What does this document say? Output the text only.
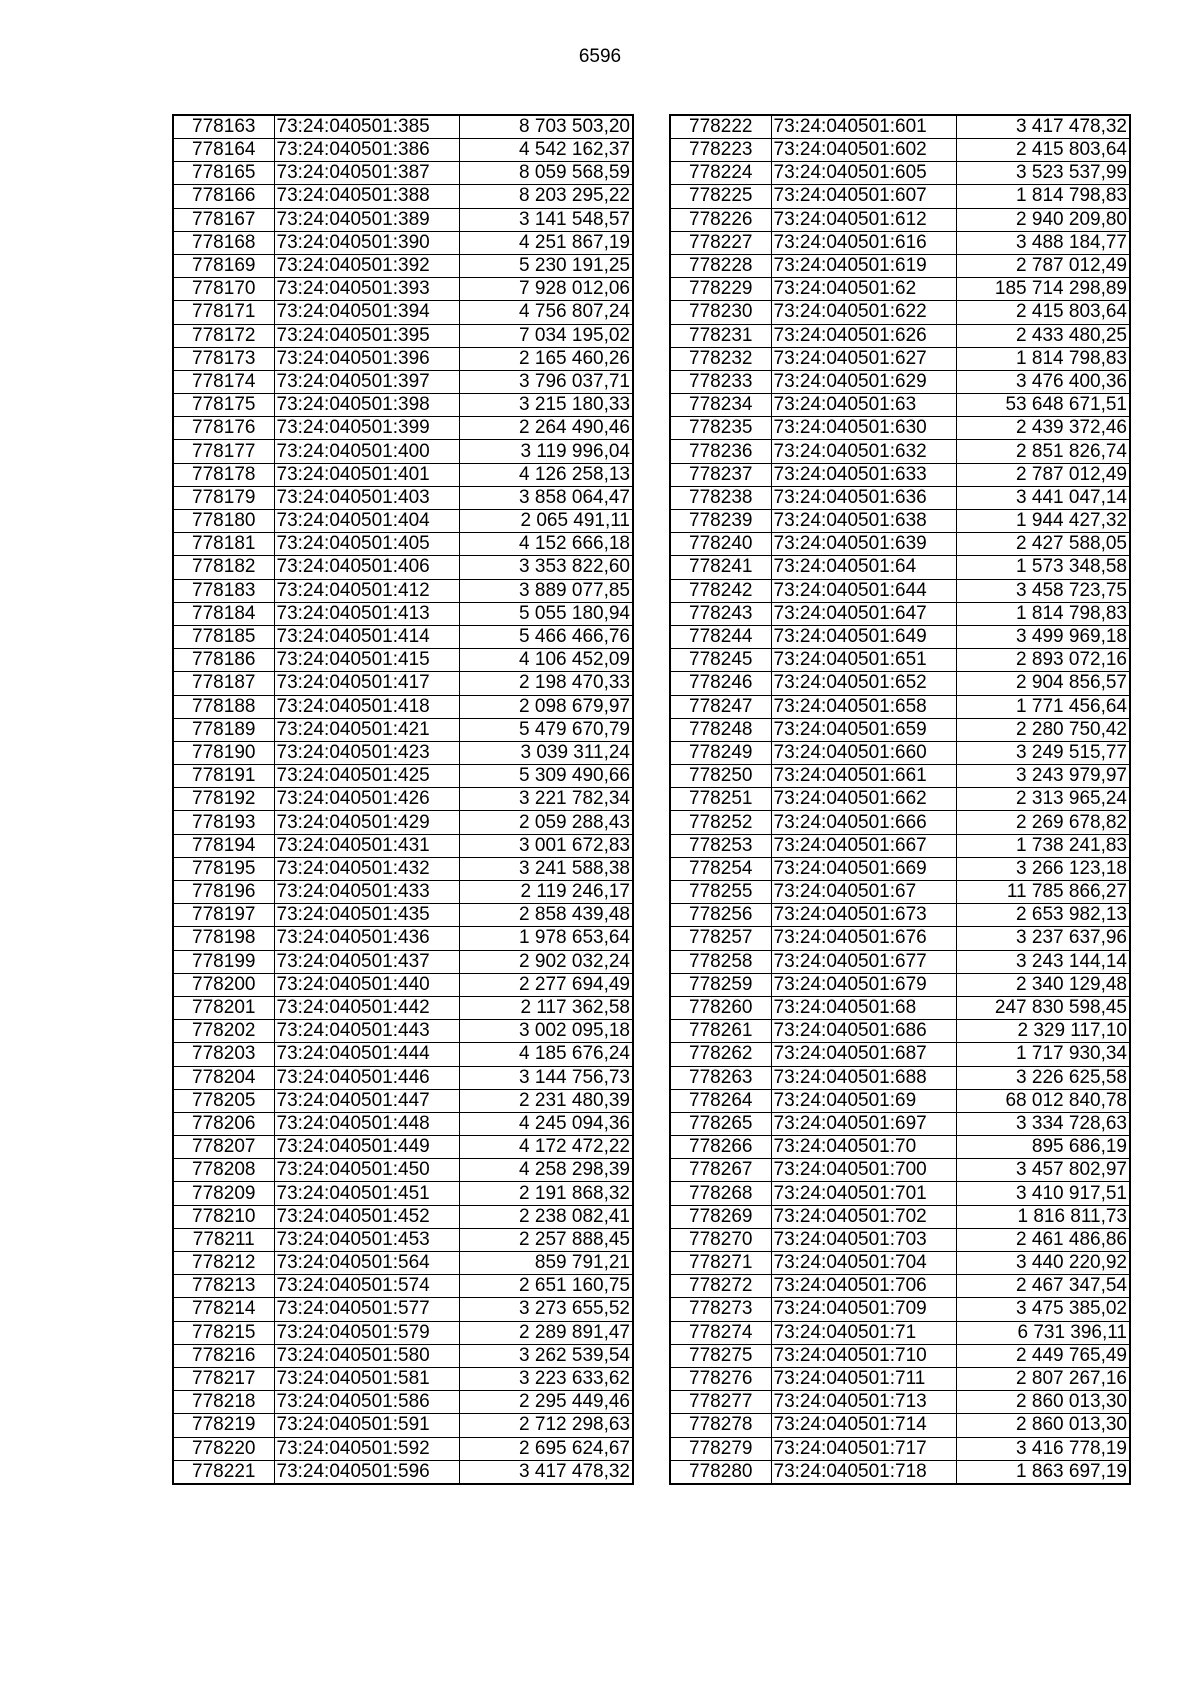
6596
778163	73:24:040501:385	8 703 503,20
778164	73:24:040501:386	4 542 162,37
778165	73:24:040501:387	8 059 568,59
778166	73:24:040501:388	8 203 295,22
778167	73:24:040501:389	3 141 548,57
778168	73:24:040501:390	4 251 867,19
778169	73:24:040501:392	5 230 191,25
778170	73:24:040501:393	7 928 012,06
778171	73:24:040501:394	4 756 807,24
778172	73:24:040501:395	7 034 195,02
778173	73:24:040501:396	2 165 460,26
778174	73:24:040501:397	3 796 037,71
778175	73:24:040501:398	3 215 180,33
778176	73:24:040501:399	2 264 490,46
778177	73:24:040501:400	3 119 996,04
778178	73:24:040501:401	4 126 258,13
778179	73:24:040501:403	3 858 064,47
778180	73:24:040501:404	2 065 491,11
778181	73:24:040501:405	4 152 666,18
778182	73:24:040501:406	3 353 822,60
778183	73:24:040501:412	3 889 077,85
778184	73:24:040501:413	5 055 180,94
778185	73:24:040501:414	5 466 466,76
778186	73:24:040501:415	4 106 452,09
778187	73:24:040501:417	2 198 470,33
778188	73:24:040501:418	2 098 679,97
778189	73:24:040501:421	5 479 670,79
778190	73:24:040501:423	3 039 311,24
778191	73:24:040501:425	5 309 490,66
778192	73:24:040501:426	3 221 782,34
778193	73:24:040501:429	2 059 288,43
778194	73:24:040501:431	3 001 672,83
778195	73:24:040501:432	3 241 588,38
778196	73:24:040501:433	2 119 246,17
778197	73:24:040501:435	2 858 439,48
778198	73:24:040501:436	1 978 653,64
778199	73:24:040501:437	2 902 032,24
778200	73:24:040501:440	2 277 694,49
778201	73:24:040501:442	2 117 362,58
778202	73:24:040501:443	3 002 095,18
778203	73:24:040501:444	4 185 676,24
778204	73:24:040501:446	3 144 756,73
778205	73:24:040501:447	2 231 480,39
778206	73:24:040501:448	4 245 094,36
778207	73:24:040501:449	4 172 472,22
778208	73:24:040501:450	4 258 298,39
778209	73:24:040501:451	2 191 868,32
778210	73:24:040501:452	2 238 082,41
778211	73:24:040501:453	2 257 888,45
778212	73:24:040501:564	859 791,21
778213	73:24:040501:574	2 651 160,75
778214	73:24:040501:577	3 273 655,52
778215	73:24:040501:579	2 289 891,47
778216	73:24:040501:580	3 262 539,54
778217	73:24:040501:581	3 223 633,62
778218	73:24:040501:586	2 295 449,46
778219	73:24:040501:591	2 712 298,63
778220	73:24:040501:592	2 695 624,67
778221	73:24:040501:596	3 417 478,32
778222	73:24:040501:601	3 417 478,32
778223	73:24:040501:602	2 415 803,64
778224	73:24:040501:605	3 523 537,99
778225	73:24:040501:607	1 814 798,83
778226	73:24:040501:612	2 940 209,80
778227	73:24:040501:616	3 488 184,77
778228	73:24:040501:619	2 787 012,49
778229	73:24:040501:62	185 714 298,89
778230	73:24:040501:622	2 415 803,64
778231	73:24:040501:626	2 433 480,25
778232	73:24:040501:627	1 814 798,83
778233	73:24:040501:629	3 476 400,36
778234	73:24:040501:63	53 648 671,51
778235	73:24:040501:630	2 439 372,46
778236	73:24:040501:632	2 851 826,74
778237	73:24:040501:633	2 787 012,49
778238	73:24:040501:636	3 441 047,14
778239	73:24:040501:638	1 944 427,32
778240	73:24:040501:639	2 427 588,05
778241	73:24:040501:64	1 573 348,58
778242	73:24:040501:644	3 458 723,75
778243	73:24:040501:647	1 814 798,83
778244	73:24:040501:649	3 499 969,18
778245	73:24:040501:651	2 893 072,16
778246	73:24:040501:652	2 904 856,57
778247	73:24:040501:658	1 771 456,64
778248	73:24:040501:659	2 280 750,42
778249	73:24:040501:660	3 249 515,77
778250	73:24:040501:661	3 243 979,97
778251	73:24:040501:662	2 313 965,24
778252	73:24:040501:666	2 269 678,82
778253	73:24:040501:667	1 738 241,83
778254	73:24:040501:669	3 266 123,18
778255	73:24:040501:67	11 785 866,27
778256	73:24:040501:673	2 653 982,13
778257	73:24:040501:676	3 237 637,96
778258	73:24:040501:677	3 243 144,14
778259	73:24:040501:679	2 340 129,48
778260	73:24:040501:68	247 830 598,45
778261	73:24:040501:686	2 329 117,10
778262	73:24:040501:687	1 717 930,34
778263	73:24:040501:688	3 226 625,58
778264	73:24:040501:69	68 012 840,78
778265	73:24:040501:697	3 334 728,63
778266	73:24:040501:70	895 686,19
778267	73:24:040501:700	3 457 802,97
778268	73:24:040501:701	3 410 917,51
778269	73:24:040501:702	1 816 811,73
778270	73:24:040501:703	2 461 486,86
778271	73:24:040501:704	3 440 220,92
778272	73:24:040501:706	2 467 347,54
778273	73:24:040501:709	3 475 385,02
778274	73:24:040501:71	6 731 396,11
778275	73:24:040501:710	2 449 765,49
778276	73:24:040501:711	2 807 267,16
778277	73:24:040501:713	2 860 013,30
778278	73:24:040501:714	2 860 013,30
778279	73:24:040501:717	3 416 778,19
778280	73:24:040501:718	1 863 697,19
